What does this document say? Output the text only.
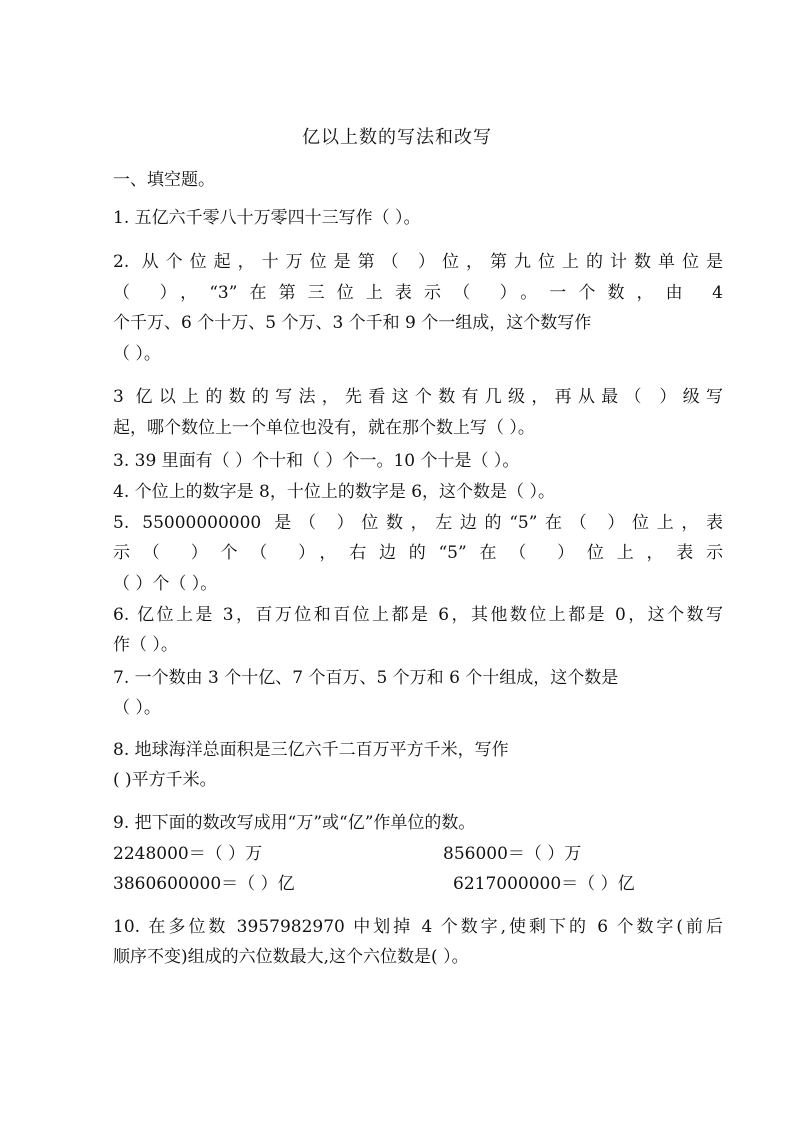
亿以上数的写法和改写
一、填空题。
1. 五亿六千零八十万零四十三写作（ ）。
2. 从个位起，十万位是第（ ）位，第九位上的计数单位是
（ ），“3”在第三位上表示（ ）。一个数，由 4
个千万、6 个十万、5 个万、3 个千和 9 个一组成，这个数写作
（ ）。
3 亿以上的数的写法，先看这个数有几级，再从最（ ）级写
起，哪个数位上一个单位也没有，就在那个数上写（ ）。
3. 39 里面有（ ）个十和（ ）个一。10 个十是（ ）。
4. 个位上的数字是 8，十位上的数字是 6，这个数是（ ）。
5. 55000000000 是（ ）位数，左边的“5”在（ ）位上，表
示（ ）个（ ），右边的“5”在（ ）位上，表示
（ ）个（ ）。
6. 亿位上是 3，百万位和百位上都是 6，其他数位上都是 0，这个数写
作（ ）。
7. 一个数由 3 个十亿、7 个百万、5 个万和 6 个十组成，这个数是
（ ）。
8. 地球海洋总面积是三亿六千二百万平方千米，写作
( )平方千米。
9. 把下面的数改写成用“万”或“亿”作单位的数。
2248000＝（ ）万	856000＝（ ）万
3860600000＝（ ）亿	6217000000＝（ ）亿
10. 在多位数 3957982970 中划掉 4 个数字,使剩下的 6 个数字(前后
顺序不变)组成的六位数最大,这个六位数是( ）。
